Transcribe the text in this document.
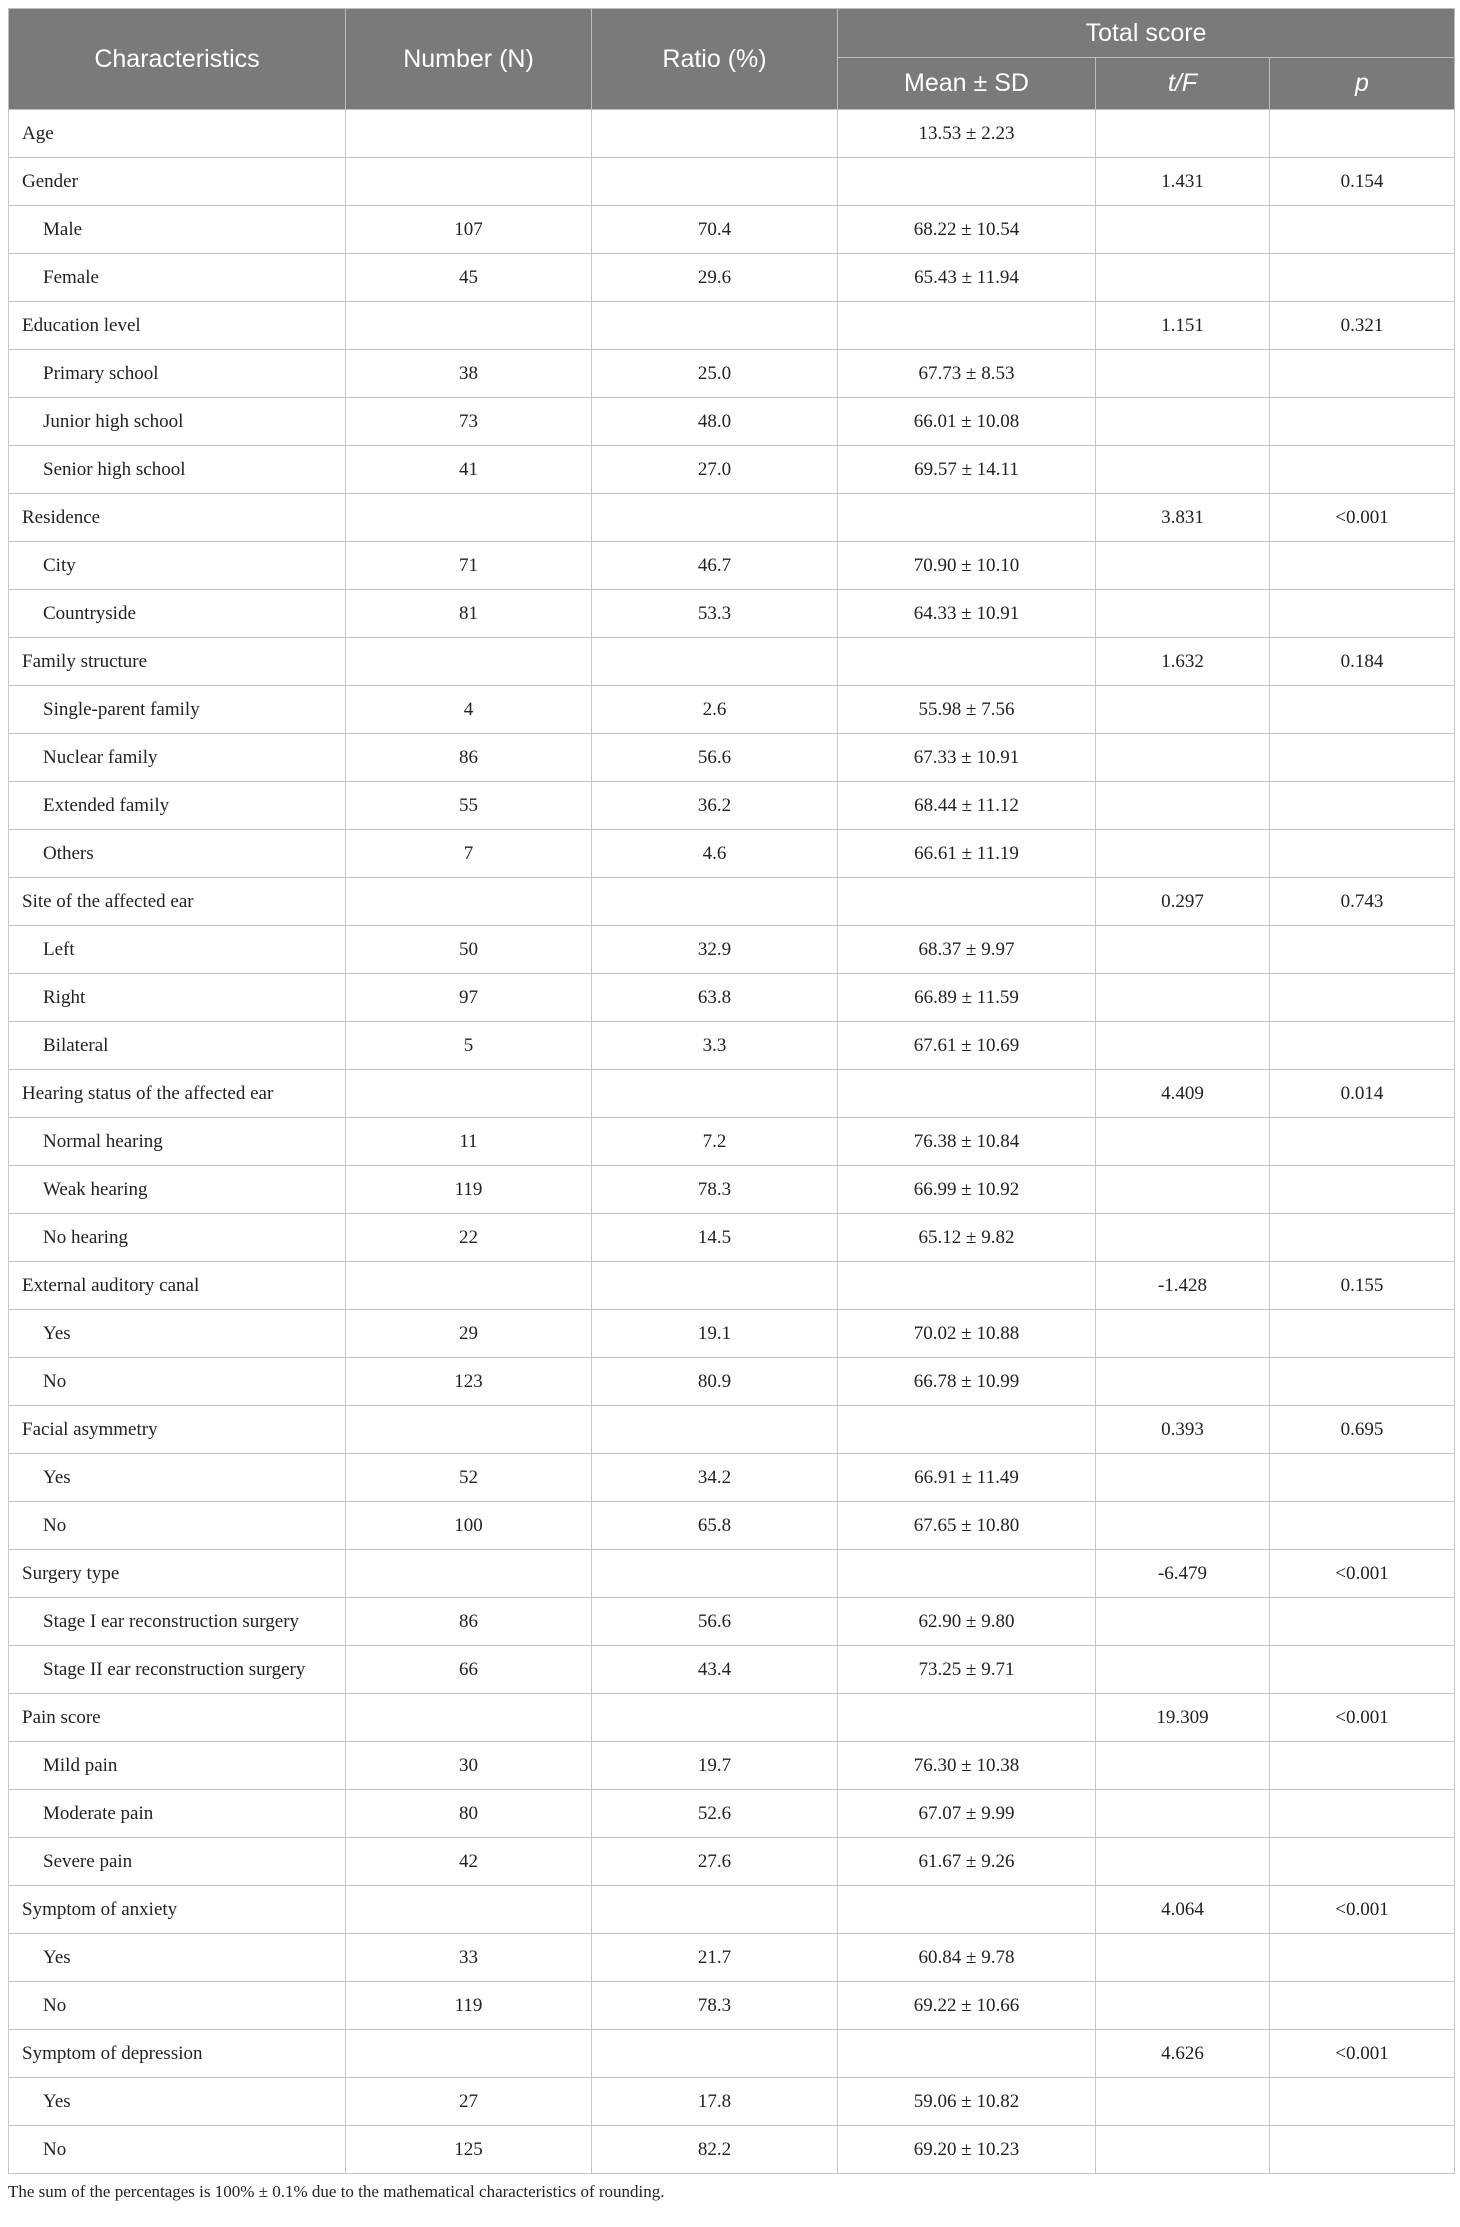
Characteristics	Number (N)	Ratio (%)	Total score		
			Mean ± SD	t/F	p
Age			13.53 ± 2.23		
Gender				1.431	0.154
Male	107	70.4	68.22 ± 10.54		
Female	45	29.6	65.43 ± 11.94		
Education level				1.151	0.321
Primary school	38	25.0	67.73 ± 8.53		
Junior high school	73	48.0	66.01 ± 10.08		
Senior high school	41	27.0	69.57 ± 14.11		
Residence				3.831	<0.001
City	71	46.7	70.90 ± 10.10		
Countryside	81	53.3	64.33 ± 10.91		
Family structure				1.632	0.184
Single-parent family	4	2.6	55.98 ± 7.56		
Nuclear family	86	56.6	67.33 ± 10.91		
Extended family	55	36.2	68.44 ± 11.12		
Others	7	4.6	66.61 ± 11.19		
Site of the affected ear				0.297	0.743
Left	50	32.9	68.37 ± 9.97		
Right	97	63.8	66.89 ± 11.59		
Bilateral	5	3.3	67.61 ± 10.69		
Hearing status of the affected ear				4.409	0.014
Normal hearing	11	7.2	76.38 ± 10.84		
Weak hearing	119	78.3	66.99 ± 10.92		
No hearing	22	14.5	65.12 ± 9.82		
External auditory canal				-1.428	0.155
Yes	29	19.1	70.02 ± 10.88		
No	123	80.9	66.78 ± 10.99		
Facial asymmetry				0.393	0.695
Yes	52	34.2	66.91 ± 11.49		
No	100	65.8	67.65 ± 10.80		
Surgery type				-6.479	<0.001
Stage I ear reconstruction surgery	86	56.6	62.90 ± 9.80		
Stage II ear reconstruction surgery	66	43.4	73.25 ± 9.71		
Pain score				19.309	<0.001
Mild pain	30	19.7	76.30 ± 10.38		
Moderate pain	80	52.6	67.07 ± 9.99		
Severe pain	42	27.6	61.67 ± 9.26		
Symptom of anxiety				4.064	<0.001
Yes	33	21.7	60.84 ± 9.78		
No	119	78.3	69.22 ± 10.66		
Symptom of depression				4.626	<0.001
Yes	27	17.8	59.06 ± 10.82		
No	125	82.2	69.20 ± 10.23		
The sum of the percentages is 100% ± 0.1% due to the mathematical characteristics of rounding.
